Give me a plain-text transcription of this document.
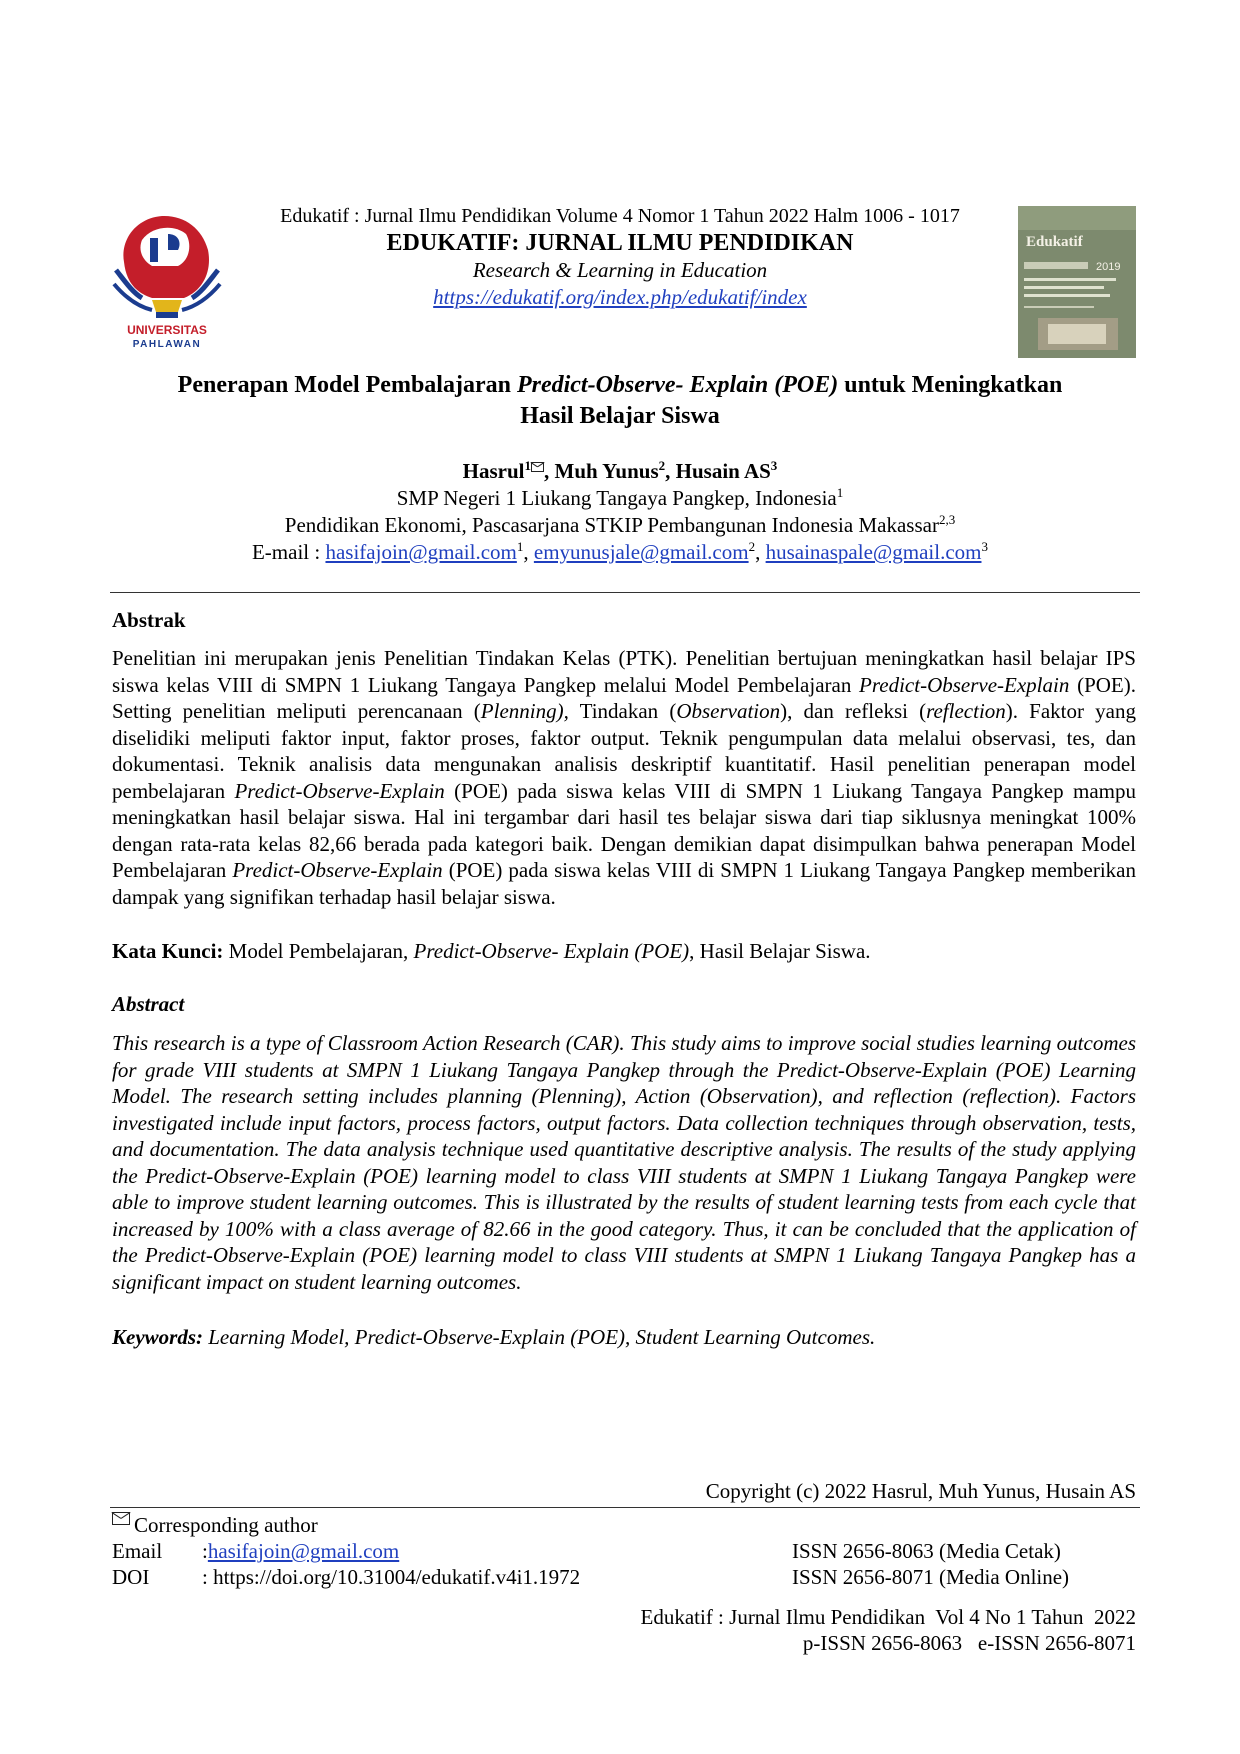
UNIVERSITAS
PAHLAWAN
Edukatif : Jurnal Ilmu Pendidikan Volume 4 Nomor 1 Tahun 2022 Halm 1006 - 1017
EDUKATIF: JURNAL ILMU PENDIDIKAN
Research & Learning in Education
https://edukatif.org/index.php/edukatif/index
Edukatif
2019
Penerapan Model Pembalajaran Predict-Observe- Explain (POE) untuk Meningkatkan
Hasil Belajar Siswa
Hasrul$^1$ , Muh Yunus$^2$, Husain $AS^3$
SMP Negeri 1 Liukang Tangaya Pangkep, Indonesia$^1$
Pendidikan Ekonomi, Pascasarjana STKIP Pembangunan Indonesia Makassar$^{2,3}$
E-mail : hasifajoin@gmail.com$^1$, emyunusjale@gmail.com$^2$, husainaspale@gmail.com$^3$
Abstrak
Penelitian ini merupakan jenis Penelitian Tindakan Kelas (PTK). Penelitian bertujuan meningkatkan hasil belajar IPS siswa kelas VIII di SMPN 1 Liukang Tangaya Pangkep melalui Model Pembelajaran Predict-Observe-Explain (POE). Setting penelitian meliputi perencanaan (Plenning), Tindakan (Observation), dan refleksi (reflection). Faktor yang diselidiki meliputi faktor input, faktor proses, faktor output. Teknik pengumpulan data melalui observasi, tes, dan dokumentasi. Teknik analisis data mengunakan analisis deskriptif kuantitatif. Hasil penelitian penerapan model pembelajaran Predict-Observe-Explain (POE) pada siswa kelas VIII di SMPN 1 Liukang Tangaya Pangkep mampu meningkatkan hasil belajar siswa. Hal ini tergambar dari hasil tes belajar siswa dari tiap siklusnya meningkat 100% dengan rata-rata kelas 82,66 berada pada kategori baik. Dengan demikian dapat disimpulkan bahwa penerapan Model Pembelajaran Predict-Observe-Explain (POE) pada siswa kelas VIII di SMPN 1 Liukang Tangaya Pangkep memberikan dampak yang signifikan terhadap hasil belajar siswa.
Kata Kunci: Model Pembelajaran, Predict-Observe- Explain (POE), Hasil Belajar Siswa.
Abstract
This research is a type of Classroom Action Research (CAR). This study aims to improve social studies learning outcomes for grade VIII students at SMPN 1 Liukang Tangaya Pangkep through the Predict-Observe-Explain (POE) Learning Model. The research setting includes planning (Plenning), Action (Observation), and reflection (reflection). Factors investigated include input factors, process factors, output factors. Data collection techniques through observation, tests, and documentation. The data analysis technique used quantitative descriptive analysis. The results of the study applying the Predict-Observe-Explain (POE) learning model to class VIII students at SMPN 1 Liukang Tangaya Pangkep were able to improve student learning outcomes. This is illustrated by the results of student learning tests from each cycle that increased by 100% with a class average of 82.66 in the good category. Thus, it can be concluded that the application of the Predict-Observe-Explain (POE) learning model to class VIII students at SMPN 1 Liukang Tangaya Pangkep has a significant impact on student learning outcomes.
Keywords: Learning Model, Predict-Observe-Explain (POE), Student Learning Outcomes.
Copyright (c) 2022 Hasrul, Muh Yunus, Husain AS
Corresponding author
Email	: hasifajoin@gmail.com
DOI	: https://doi.org/10.31004/edukatif.v4i1.1972
ISSN 2656-8063 (Media Cetak)
ISSN 2656-8071 (Media Online)
Edukatif : Jurnal Ilmu Pendidikan  Vol 4 No 1 Tahun  2022
p-ISSN 2656-8063   e-ISSN 2656-8071
